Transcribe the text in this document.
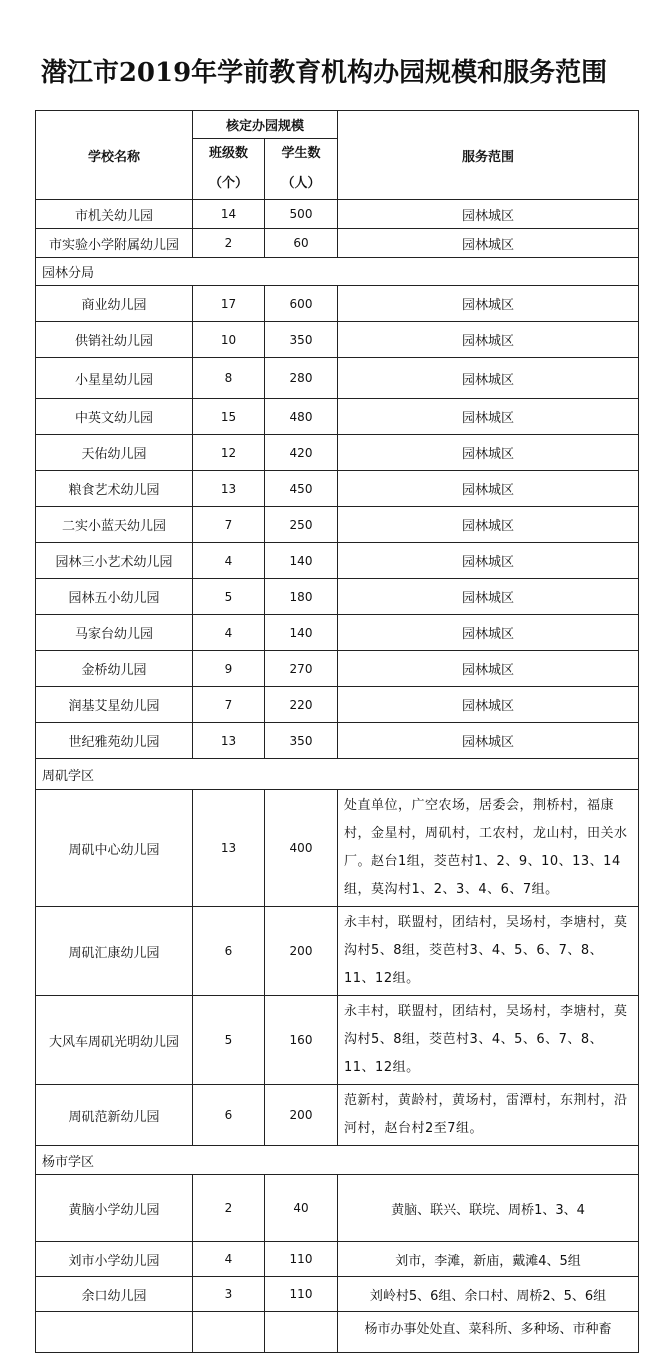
潜江市2019年学前教育机构办园规模和服务范围
学校名称	核定办园规模		服务范围
	班级数（个）	学生数（人）	
市机关幼儿园	14	500	园林城区
市实验小学附属幼儿园	2	60	园林城区
园林分局			
商业幼儿园	17	600	园林城区
供销社幼儿园	10	350	园林城区
小星星幼儿园	8	280	园林城区
中英文幼儿园	15	480	园林城区
天佑幼儿园	12	420	园林城区
粮食艺术幼儿园	13	450	园林城区
二实小蓝天幼儿园	7	250	园林城区
园林三小艺术幼儿园	4	140	园林城区
园林五小幼儿园	5	180	园林城区
马家台幼儿园	4	140	园林城区
金桥幼儿园	9	270	园林城区
润基艾星幼儿园	7	220	园林城区
世纪雅苑幼儿园	13	350	园林城区
周矶学区			
周矶中心幼儿园	13	400	处直单位，广空农场，居委会，荆桥村，福康村，金星村，周矶村，工农村，龙山村，田关水厂。赵台1组，茭芭村1、2、9、10、13、14组，莫沟村1、2、3、4、6、7组。
周矶汇康幼儿园	6	200	永丰村，联盟村，团结村，吴场村，李塘村，莫沟村5、8组，茭芭村3、4、5、6、7、8、11、12组。
大风车周矶光明幼儿园	5	160	永丰村，联盟村，团结村，吴场村，李塘村，莫沟村5、8组，茭芭村3、4、5、6、7、8、11、12组。
周矶范新幼儿园	6	200	范新村，黄龄村，黄场村，雷潭村，东荆村，沿河村，赵台村2至7组。
杨市学区			
黄脑小学幼儿园	2	40	黄脑、联兴、联垸、周桥1、3、4
刘市小学幼儿园	4	110	刘市，李滩，新庙，戴滩4、5组
余口幼儿园	3	110	刘岭村5、6组、余口村、周桥2、5、6组
			杨市办事处处直、菜科所、多种场、市种畜
